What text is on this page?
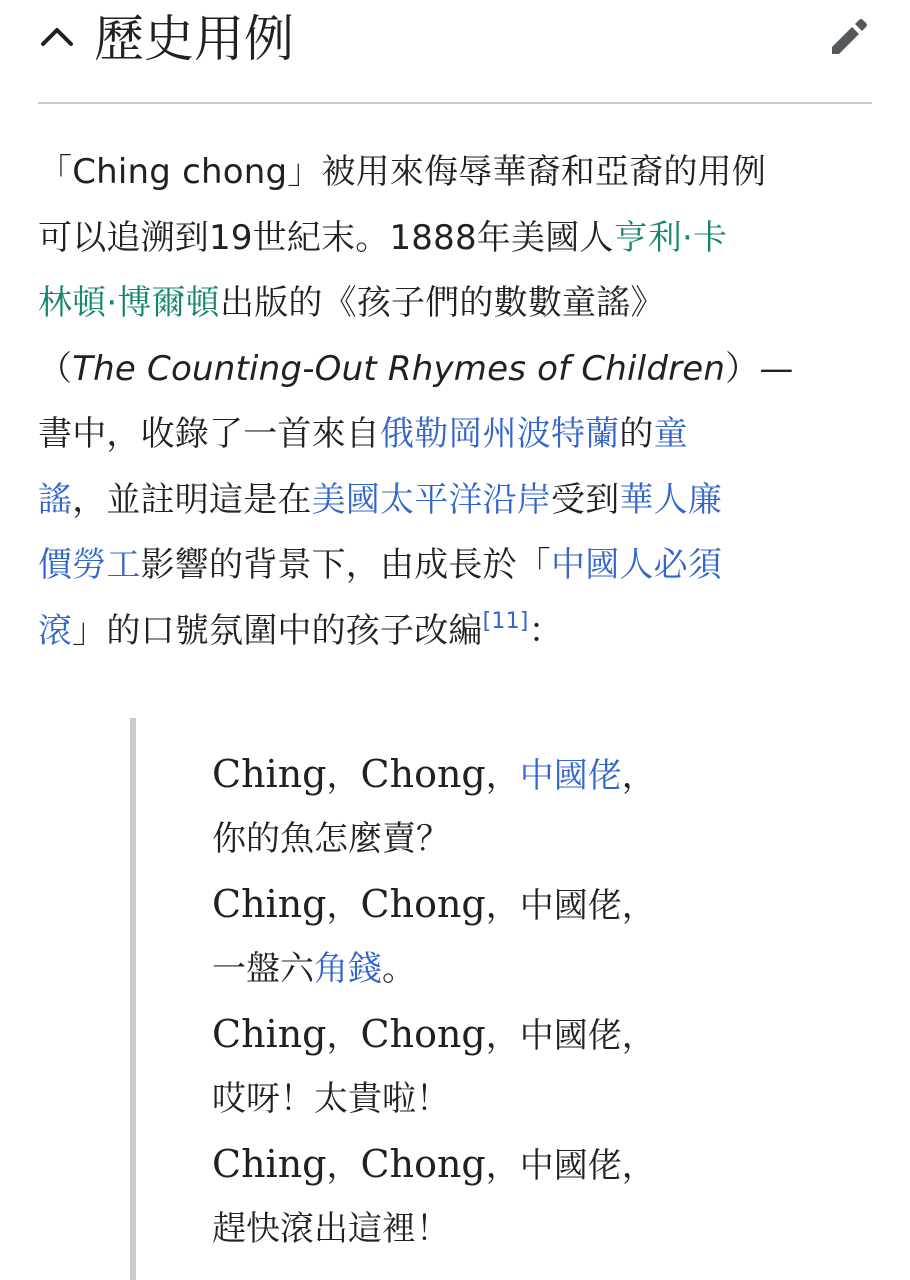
歷史用例
「Ching chong」被用來侮辱華裔和亞裔的用例
可以追溯到19世紀末。1888年美國人亨利·卡
林頓·博爾頓出版的《孩子們的數數童謠》
（The Counting-Out Rhymes of Children）—
書中，收錄了一首來自俄勒岡州波特蘭的童
謠，並註明這是在美國太平洋沿岸受到華人廉
價勞工影響的背景下，由成長於「中國人必須
滾」的口號氛圍中的孩子改編[11]：
Ching，Chong，中國佬，
你的魚怎麼賣？
Ching，Chong，中國佬，
一盤六角錢。
Ching，Chong，中國佬，
哎呀！太貴啦！
Ching，Chong，中國佬，
趕快滾出這裡！
